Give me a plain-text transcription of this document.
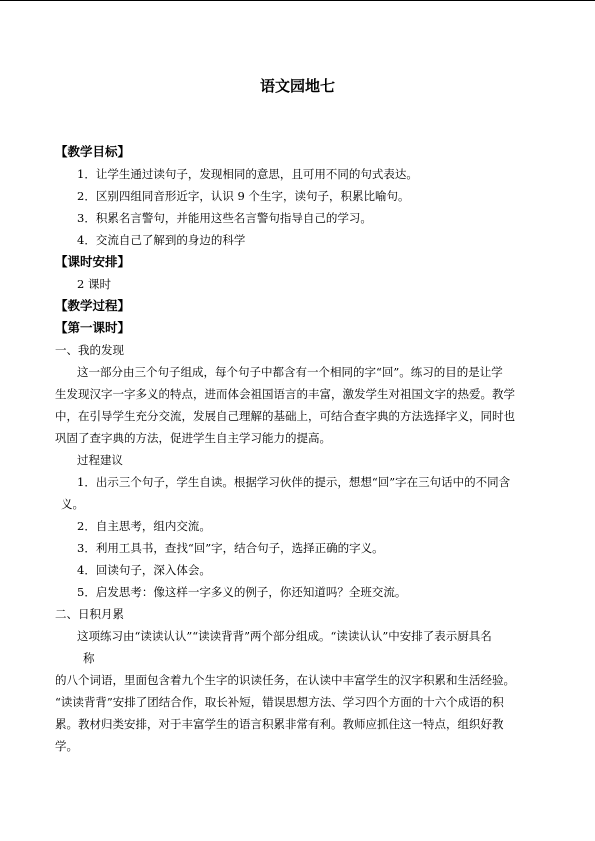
语文园地七
【教学目标】
1．让学生通过读句子，发现相同的意思，且可用不同的句式表达。
2．区别四组同音形近字，认识 9 个生字，读句子，积累比喻句。
3．积累名言警句，并能用这些名言警句指导自己的学习。
4．交流自己了解到的身边的科学
【课时安排】
2 课时
【教学过程】
【第一课时】
一、我的发现
这一部分由三个句子组成，每个句子中都含有一个相同的字“回”。练习的目的是让学
生发现汉字一字多义的特点，进而体会祖国语言的丰富，激发学生对祖国文字的热爱。教学
中，在引导学生充分交流，发展自己理解的基础上，可结合查字典的方法选择字义，同时也
巩固了查字典的方法，促进学生自主学习能力的提高。
过程建议
1．出示三个句子，学生自读。根据学习伙伴的提示，想想“回”字在三句话中的不同含
义。
2．自主思考，组内交流。
3．利用工具书，查找“回”字，结合句子，选择正确的字义。
4．回读句子，深入体会。
5．启发思考：像这样一字多义的例子，你还知道吗？全班交流。
二、日积月累
这项练习由“读读认认”“读读背背”两个部分组成。“读读认认”中安排了表示厨具名
称
的八个词语，里面包含着九个生字的识读任务，在认读中丰富学生的汉字积累和生活经验。
“读读背背”安排了团结合作，取长补短，错误思想方法、学习四个方面的十六个成语的积
累。教材归类安排，对于丰富学生的语言积累非常有利。教师应抓住这一特点，组织好教
学。
